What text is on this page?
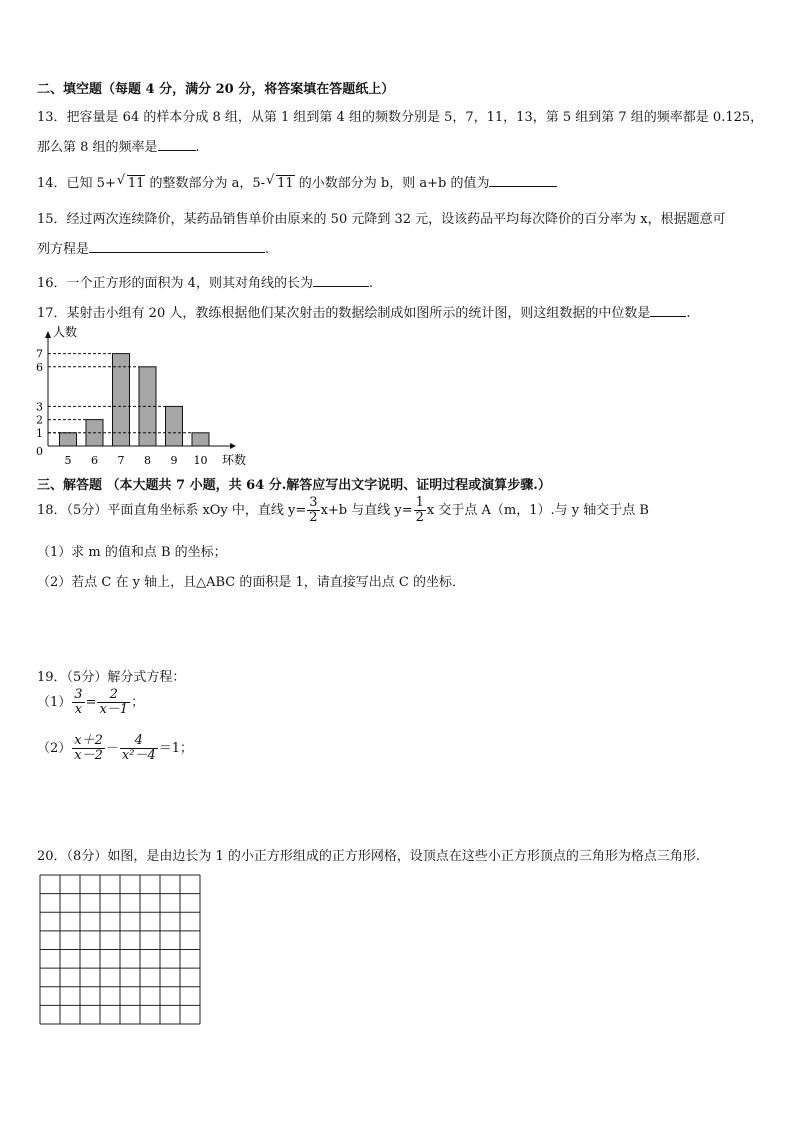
二、填空题（每题 4 分，满分 20 分，将答案填在答题纸上）
13．把容量是 64 的样本分成 8 组，从第 1 组到第 4 组的频数分别是 5，7，11，13，第 5 组到第 7 组的频率都是 0.125，
那么第 8 组的频率是	.
14．已知 5+ √ 11 的整数部分为 a，5- √ 11 的小数部分为 b，则 a+b 的值为
15．经过两次连续降价，某药品销售单价由原来的 50 元降到 32 元，设该药品平均每次降价的百分率为 x，根据题意可
列方程是	.
16．一个正方形的面积为 4，则其对角线的长为	.
17．某射击小组有 20 人，教练根据他们某次射击的数据绘制成如图所示的统计图，则这组数据的中位数是	.
人数
环数
0
1
2
3
6
7
5 6 7 8 9 10
三、解答题 （本大题共 7 小题，共 64 分.解答应写出文字说明、证明过程或演算步骤.）
18．（5分）平面直角坐标系 xOy 中，直线 $y= \frac{3}{2} x+b$ 与直线 $y= \frac{1}{2}$ x 交于点 A（m，1）.与 y 轴交于点 B
（1）求 m 的值和点 B 的坐标；
（2）若点 C 在 y 轴上，且△ABC 的面积是 1，请直接写出点 C 的坐标．
19．（5分）解分式方程：
$(1) \frac{3}{x} = \frac{2}{x-1}$ ；
$(2) \frac{x+2}{x-2} - \frac{4}{\text{x²－4}} =1$；
20．（8分）如图，是由边长为 1 的小正方形组成的正方形网格，设顶点在这些小正方形顶点的三角形为格点三角形.
